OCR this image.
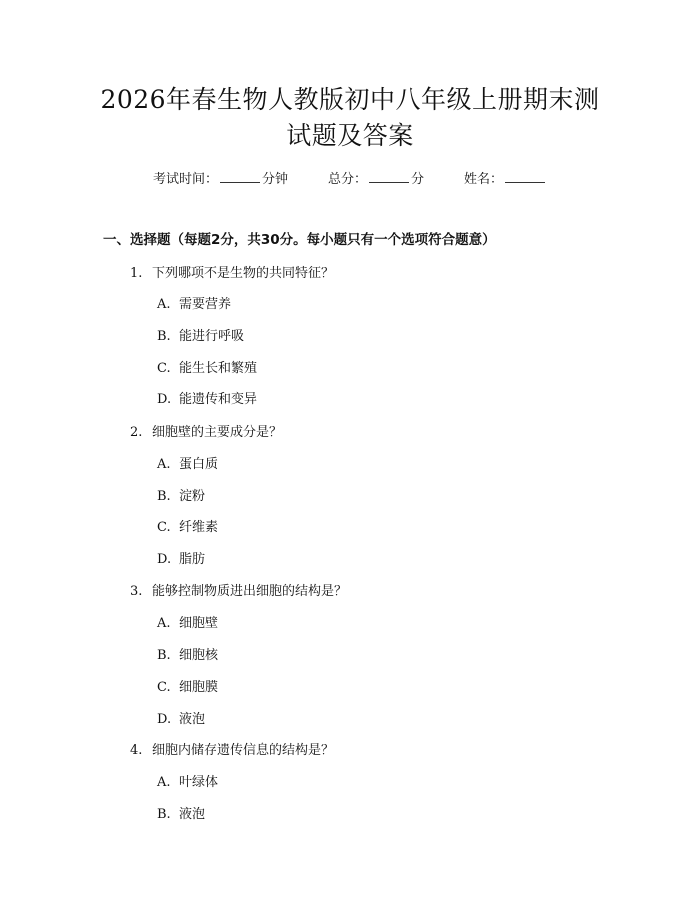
2026年春生物人教版初中八年级上册期末测
试题及答案
考试时间：	分钟	总分：	分	姓名：
一、选择题（每题2分，共30分。每小题只有一个选项符合题意）
1. 下列哪项不是生物的共同特征？
A. 需要营养
B. 能进行呼吸
C. 能生长和繁殖
D. 能遗传和变异
2. 细胞壁的主要成分是？
A. 蛋白质
B. 淀粉
C. 纤维素
D. 脂肪
3. 能够控制物质进出细胞的结构是？
A. 细胞壁
B. 细胞核
C. 细胞膜
D. 液泡
4. 细胞内储存遗传信息的结构是？
A. 叶绿体
B. 液泡
